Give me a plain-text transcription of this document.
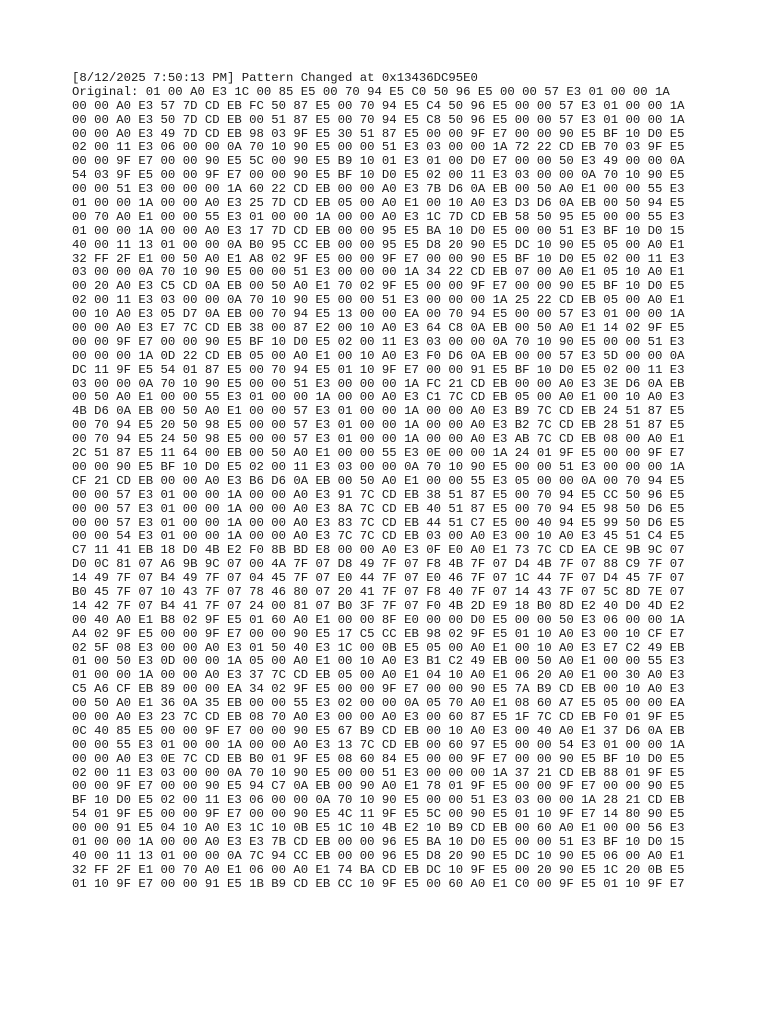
[8/12/2025 7:50:13 PM] Pattern Changed at 0x13436DC95E0
Original: 01 00 A0 E3 1C 00 85 E5 00 70 94 E5 C0 50 96 E5 00 00 57 E3 01 00 00 1A
00 00 A0 E3 57 7D CD EB FC 50 87 E5 00 70 94 E5 C4 50 96 E5 00 00 57 E3 01 00 00 1A
00 00 A0 E3 50 7D CD EB 00 51 87 E5 00 70 94 E5 C8 50 96 E5 00 00 57 E3 01 00 00 1A
00 00 A0 E3 49 7D CD EB 98 03 9F E5 30 51 87 E5 00 00 9F E7 00 00 90 E5 BF 10 D0 E5
02 00 11 E3 06 00 00 0A 70 10 90 E5 00 00 51 E3 03 00 00 1A 72 22 CD EB 70 03 9F E5
00 00 9F E7 00 00 90 E5 5C 00 90 E5 B9 10 01 E3 01 00 D0 E7 00 00 50 E3 49 00 00 0A
54 03 9F E5 00 00 9F E7 00 00 90 E5 BF 10 D0 E5 02 00 11 E3 03 00 00 0A 70 10 90 E5
00 00 51 E3 00 00 00 1A 60 22 CD EB 00 00 A0 E3 7B D6 0A EB 00 50 A0 E1 00 00 55 E3
01 00 00 1A 00 00 A0 E3 25 7D CD EB 05 00 A0 E1 00 10 A0 E3 D3 D6 0A EB 00 50 94 E5
00 70 A0 E1 00 00 55 E3 01 00 00 1A 00 00 A0 E3 1C 7D CD EB 58 50 95 E5 00 00 55 E3
01 00 00 1A 00 00 A0 E3 17 7D CD EB 00 00 95 E5 BA 10 D0 E5 00 00 51 E3 BF 10 D0 15
40 00 11 13 01 00 00 0A B0 95 CC EB 00 00 95 E5 D8 20 90 E5 DC 10 90 E5 05 00 A0 E1
32 FF 2F E1 00 50 A0 E1 A8 02 9F E5 00 00 9F E7 00 00 90 E5 BF 10 D0 E5 02 00 11 E3
03 00 00 0A 70 10 90 E5 00 00 51 E3 00 00 00 1A 34 22 CD EB 07 00 A0 E1 05 10 A0 E1
00 20 A0 E3 C5 CD 0A EB 00 50 A0 E1 70 02 9F E5 00 00 9F E7 00 00 90 E5 BF 10 D0 E5
02 00 11 E3 03 00 00 0A 70 10 90 E5 00 00 51 E3 00 00 00 1A 25 22 CD EB 05 00 A0 E1
00 10 A0 E3 05 D7 0A EB 00 70 94 E5 13 00 00 EA 00 70 94 E5 00 00 57 E3 01 00 00 1A
00 00 A0 E3 E7 7C CD EB 38 00 87 E2 00 10 A0 E3 64 C8 0A EB 00 50 A0 E1 14 02 9F E5
00 00 9F E7 00 00 90 E5 BF 10 D0 E5 02 00 11 E3 03 00 00 0A 70 10 90 E5 00 00 51 E3
00 00 00 1A 0D 22 CD EB 05 00 A0 E1 00 10 A0 E3 F0 D6 0A EB 00 00 57 E3 5D 00 00 0A
DC 11 9F E5 54 01 87 E5 00 70 94 E5 01 10 9F E7 00 00 91 E5 BF 10 D0 E5 02 00 11 E3
03 00 00 0A 70 10 90 E5 00 00 51 E3 00 00 00 1A FC 21 CD EB 00 00 A0 E3 3E D6 0A EB
00 50 A0 E1 00 00 55 E3 01 00 00 1A 00 00 A0 E3 C1 7C CD EB 05 00 A0 E1 00 10 A0 E3
4B D6 0A EB 00 50 A0 E1 00 00 57 E3 01 00 00 1A 00 00 A0 E3 B9 7C CD EB 24 51 87 E5
00 70 94 E5 20 50 98 E5 00 00 57 E3 01 00 00 1A 00 00 A0 E3 B2 7C CD EB 28 51 87 E5
00 70 94 E5 24 50 98 E5 00 00 57 E3 01 00 00 1A 00 00 A0 E3 AB 7C CD EB 08 00 A0 E1
2C 51 87 E5 11 64 00 EB 00 50 A0 E1 00 00 55 E3 0E 00 00 1A 24 01 9F E5 00 00 9F E7
00 00 90 E5 BF 10 D0 E5 02 00 11 E3 03 00 00 0A 70 10 90 E5 00 00 51 E3 00 00 00 1A
CF 21 CD EB 00 00 A0 E3 B6 D6 0A EB 00 50 A0 E1 00 00 55 E3 05 00 00 0A 00 70 94 E5
00 00 57 E3 01 00 00 1A 00 00 A0 E3 91 7C CD EB 38 51 87 E5 00 70 94 E5 CC 50 96 E5
00 00 57 E3 01 00 00 1A 00 00 A0 E3 8A 7C CD EB 40 51 87 E5 00 70 94 E5 98 50 D6 E5
00 00 57 E3 01 00 00 1A 00 00 A0 E3 83 7C CD EB 44 51 C7 E5 00 40 94 E5 99 50 D6 E5
00 00 54 E3 01 00 00 1A 00 00 A0 E3 7C 7C CD EB 03 00 A0 E3 00 10 A0 E3 45 51 C4 E5
C7 11 41 EB 18 D0 4B E2 F0 8B BD E8 00 00 A0 E3 0F E0 A0 E1 73 7C CD EA CE 9B 9C 07
D0 0C 81 07 A6 9B 9C 07 00 4A 7F 07 D8 49 7F 07 F8 4B 7F 07 D4 4B 7F 07 88 C9 7F 07
14 49 7F 07 B4 49 7F 07 04 45 7F 07 E0 44 7F 07 E0 46 7F 07 1C 44 7F 07 D4 45 7F 07
B0 45 7F 07 10 43 7F 07 78 46 80 07 20 41 7F 07 F8 40 7F 07 14 43 7F 07 5C 8D 7E 07
14 42 7F 07 B4 41 7F 07 24 00 81 07 B0 3F 7F 07 F0 4B 2D E9 18 B0 8D E2 40 D0 4D E2
00 40 A0 E1 B8 02 9F E5 01 60 A0 E1 00 00 8F E0 00 00 D0 E5 00 00 50 E3 06 00 00 1A
A4 02 9F E5 00 00 9F E7 00 00 90 E5 17 C5 CC EB 98 02 9F E5 01 10 A0 E3 00 10 CF E7
02 5F 08 E3 00 00 A0 E3 01 50 40 E3 1C 00 0B E5 05 00 A0 E1 00 10 A0 E3 E7 C2 49 EB
01 00 50 E3 0D 00 00 1A 05 00 A0 E1 00 10 A0 E3 B1 C2 49 EB 00 50 A0 E1 00 00 55 E3
01 00 00 1A 00 00 A0 E3 37 7C CD EB 05 00 A0 E1 04 10 A0 E1 06 20 A0 E1 00 30 A0 E3
C5 A6 CF EB 89 00 00 EA 34 02 9F E5 00 00 9F E7 00 00 90 E5 7A B9 CD EB 00 10 A0 E3
00 50 A0 E1 36 0A 35 EB 00 00 55 E3 02 00 00 0A 05 70 A0 E1 08 60 A7 E5 05 00 00 EA
00 00 A0 E3 23 7C CD EB 08 70 A0 E3 00 00 A0 E3 00 60 87 E5 1F 7C CD EB F0 01 9F E5
0C 40 85 E5 00 00 9F E7 00 00 90 E5 67 B9 CD EB 00 10 A0 E3 00 40 A0 E1 37 D6 0A EB
00 00 55 E3 01 00 00 1A 00 00 A0 E3 13 7C CD EB 00 60 97 E5 00 00 54 E3 01 00 00 1A
00 00 A0 E3 0E 7C CD EB B0 01 9F E5 08 60 84 E5 00 00 9F E7 00 00 90 E5 BF 10 D0 E5
02 00 11 E3 03 00 00 0A 70 10 90 E5 00 00 51 E3 00 00 00 1A 37 21 CD EB 88 01 9F E5
00 00 9F E7 00 00 90 E5 94 C7 0A EB 00 90 A0 E1 78 01 9F E5 00 00 9F E7 00 00 90 E5
BF 10 D0 E5 02 00 11 E3 06 00 00 0A 70 10 90 E5 00 00 51 E3 03 00 00 1A 28 21 CD EB
54 01 9F E5 00 00 9F E7 00 00 90 E5 4C 11 9F E5 5C 00 90 E5 01 10 9F E7 14 80 90 E5
00 00 91 E5 04 10 A0 E3 1C 10 0B E5 1C 10 4B E2 10 B9 CD EB 00 60 A0 E1 00 00 56 E3
01 00 00 1A 00 00 A0 E3 E3 7B CD EB 00 00 96 E5 BA 10 D0 E5 00 00 51 E3 BF 10 D0 15
40 00 11 13 01 00 00 0A 7C 94 CC EB 00 00 96 E5 D8 20 90 E5 DC 10 90 E5 06 00 A0 E1
32 FF 2F E1 00 70 A0 E1 06 00 A0 E1 74 BA CD EB DC 10 9F E5 00 20 90 E5 1C 20 0B E5
01 10 9F E7 00 00 91 E5 1B B9 CD EB CC 10 9F E5 00 60 A0 E1 C0 00 9F E5 01 10 9F E7
